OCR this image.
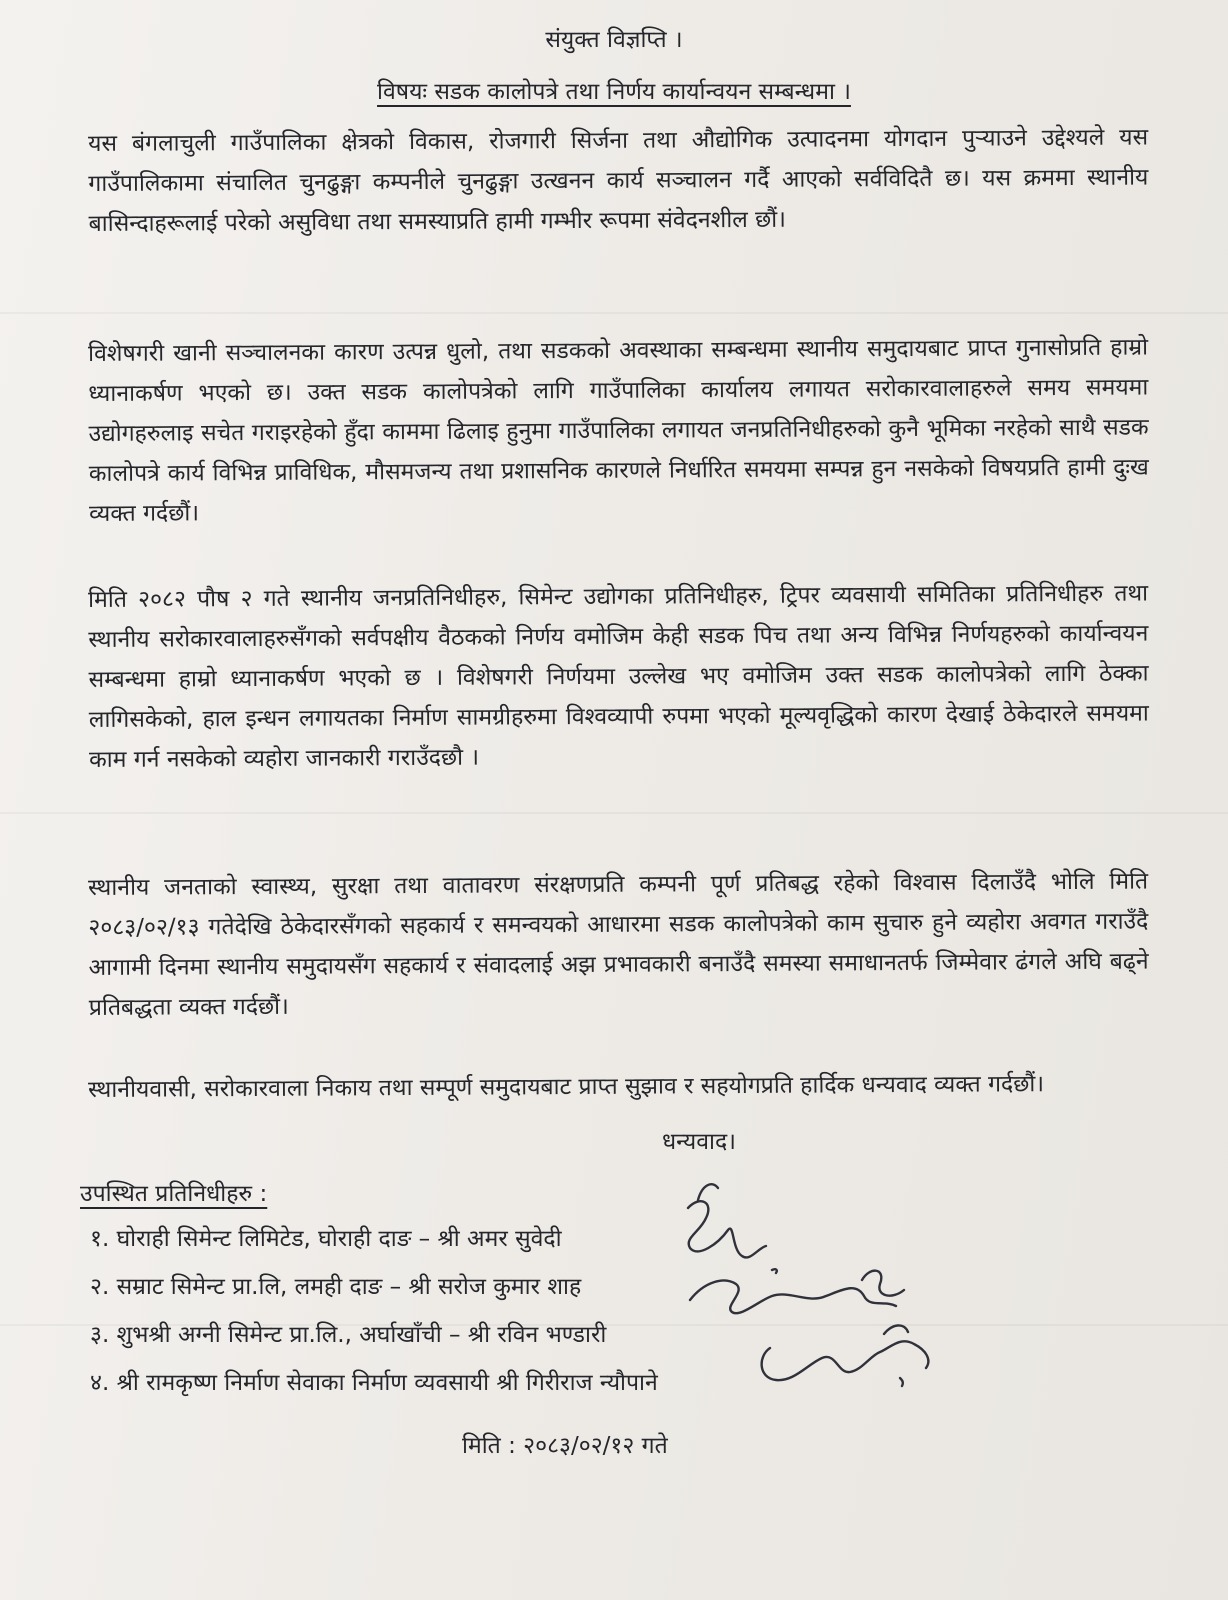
संयुक्त विज्ञप्ति ।
विषयः सडक कालोपत्रे तथा निर्णय कार्यान्वयन सम्बन्धमा ।

यस बंगलाचुली गाउँपालिका क्षेत्रको विकास, रोजगारी सिर्जना तथा औद्योगिक उत्पादनमा योगदान पुर्‍याउने उद्देश्यले यस गाउँपालिकामा संचालित चुनढुङ्गा कम्पनीले चुनढुङ्गा उत्खनन कार्य सञ्चालन गर्दै आएको सर्वविदितै छ। यस क्रममा स्थानीय बासिन्दाहरूलाई परेको असुविधा तथा समस्याप्रति हामी गम्भीर रूपमा संवेदनशील छौं।

विशेषगरी खानी सञ्चालनका कारण उत्पन्न धुलो, तथा सडकको अवस्थाका सम्बन्धमा स्थानीय समुदायबाट प्राप्त गुनासोप्रति हाम्रो ध्यानाकर्षण भएको छ। उक्त सडक कालोपत्रेको लागि गाउँपालिका कार्यालय लगायत सरोकारवालाहरुले समय समयमा उद्योगहरुलाइ सचेत गराइरहेको हुँदा काममा ढिलाइ हुनुमा गाउँपालिका लगायत जनप्रतिनिधीहरुको कुनै भूमिका नरहेको साथै सडक कालोपत्रे कार्य विभिन्न प्राविधिक, मौसमजन्य तथा प्रशासनिक कारणले निर्धारित समयमा सम्पन्न हुन नसकेको विषयप्रति हामी दुःख व्यक्त गर्दछौं।

मिति २०८२ पौष २ गते स्थानीय जनप्रतिनिधीहरु, सिमेन्ट उद्योगका प्रतिनिधीहरु, ट्रिपर व्यवसायी समितिका प्रतिनिधीहरु तथा स्थानीय सरोकारवालाहरुसँगको सर्वपक्षीय वैठकको निर्णय वमोजिम केही सडक पिच तथा अन्य विभिन्न निर्णयहरुको कार्यान्वयन सम्बन्धमा हाम्रो ध्यानाकर्षण भएको छ । विशेषगरी निर्णयमा उल्लेख भए वमोजिम उक्त सडक कालोपत्रेको लागि ठेक्का लागिसकेको, हाल इन्धन लगायतका निर्माण सामग्रीहरुमा विश्वव्यापी रुपमा भएको मूल्यवृद्धिको कारण देखाई ठेकेदारले समयमा काम गर्न नसकेको व्यहोरा जानकारी गराउँदछौ ।

स्थानीय जनताको स्वास्थ्य, सुरक्षा तथा वातावरण संरक्षणप्रति कम्पनी पूर्ण प्रतिबद्ध रहेको विश्वास दिलाउँदै भोलि मिति २०८३/०२/१३ गतेदेखि ठेकेदारसँगको सहकार्य र समन्वयको आधारमा सडक कालोपत्रेको काम सुचारु हुने व्यहोरा अवगत गराउँदै आगामी दिनमा स्थानीय समुदायसँग सहकार्य र संवादलाई अझ प्रभावकारी बनाउँदै समस्या समाधानतर्फ जिम्मेवार ढंगले अघि बढ्ने प्रतिबद्धता व्यक्त गर्दछौं।

स्थानीयवासी, सरोकारवाला निकाय तथा सम्पूर्ण समुदायबाट प्राप्त सुझाव र सहयोगप्रति हार्दिक धन्यवाद व्यक्त गर्दछौं।

धन्यवाद।
उपस्थित प्रतिनिधीहरु :
१. घोराही सिमेन्ट लिमिटेड, घोराही दाङ – श्री अमर सुवेदी
२. सम्राट सिमेन्ट प्रा.लि, लमही दाङ – श्री सरोज कुमार शाह
३. शुभश्री अग्नी सिमेन्ट प्रा.लि., अर्घाखाँची – श्री रविन भण्डारी
४. श्री रामकृष्ण निर्माण सेवाका निर्माण व्यवसायी श्री गिरीराज न्यौपाने
मिति : २०८३/०२/१२ गते
